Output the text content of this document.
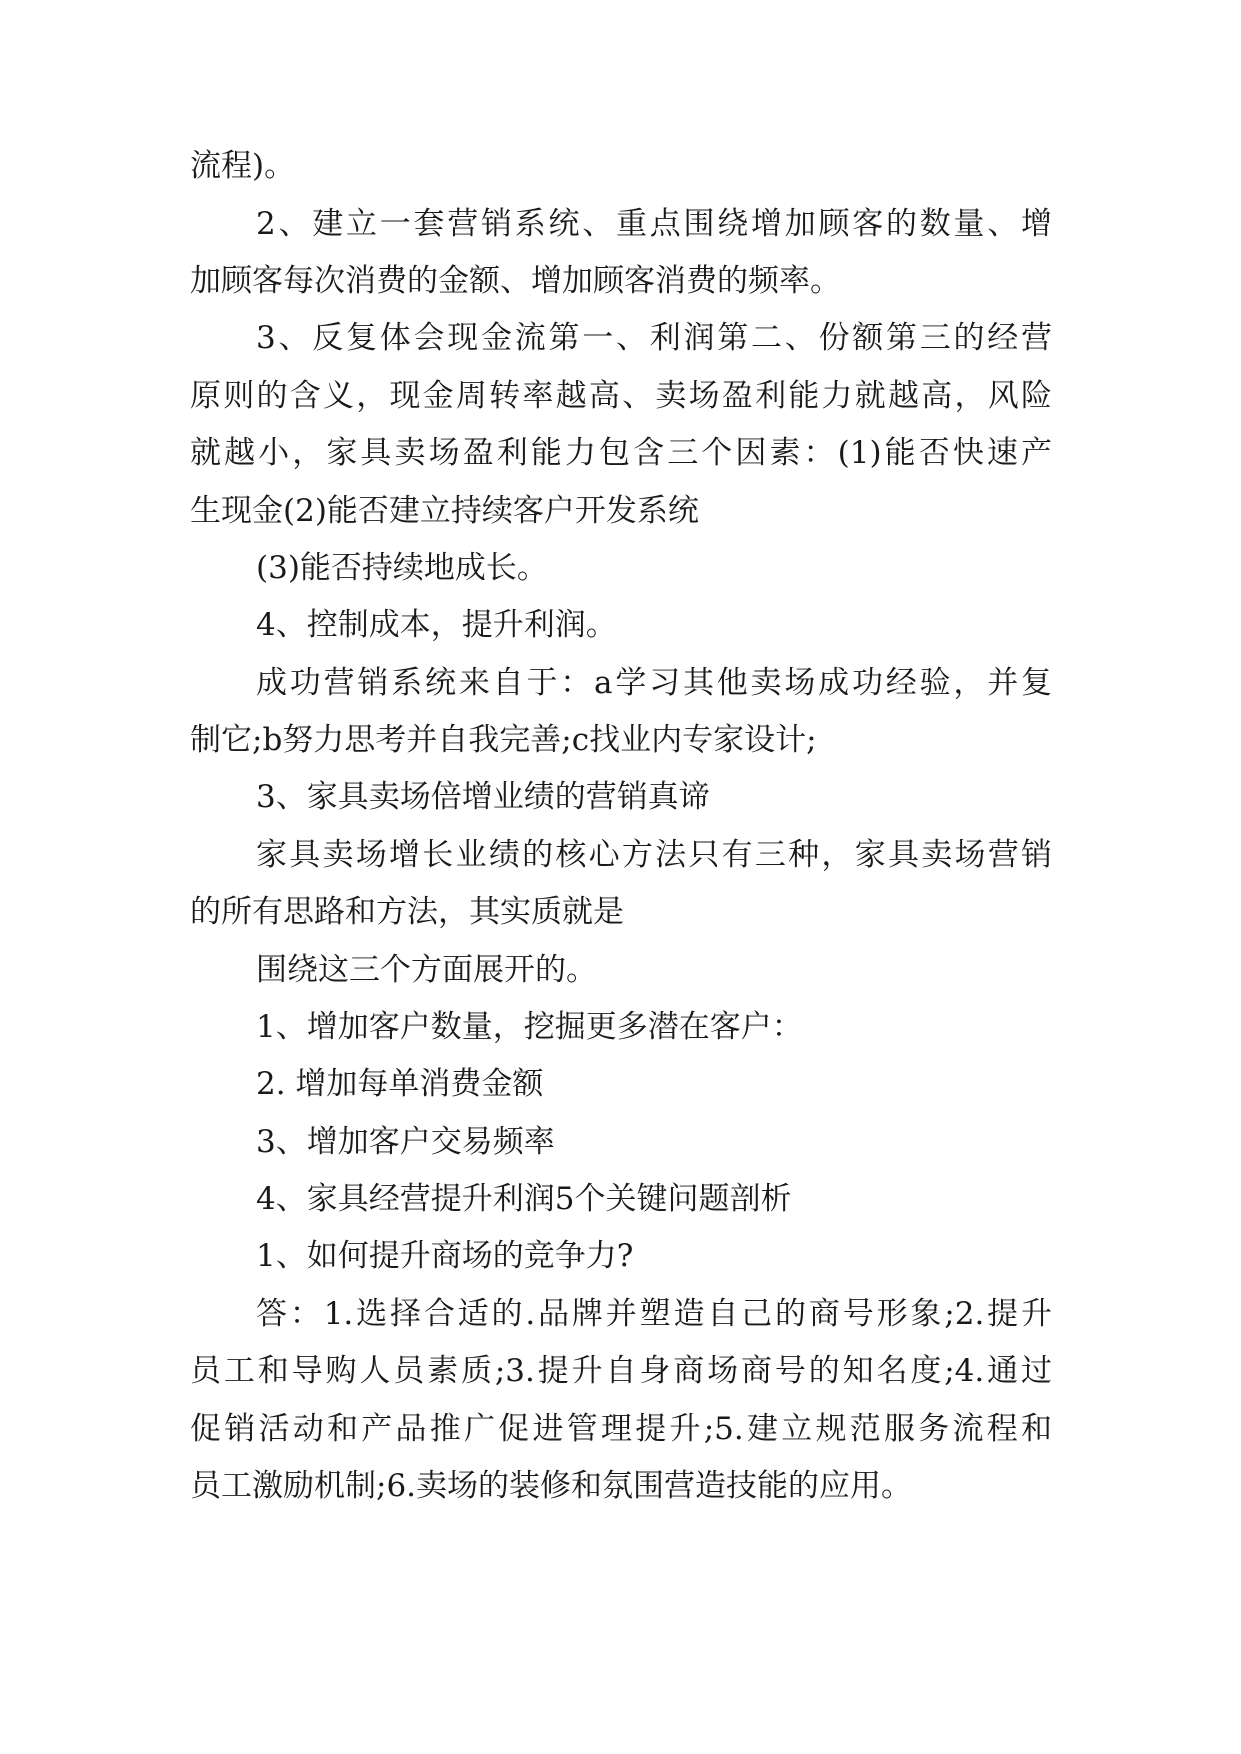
流程)。

2、建立一套营销系统、重点围绕增加顾客的数量、增

加顾客每次消费的金额、增加顾客消费的频率。

3、反复体会现金流第一、利润第二、份额第三的经营

原则的含义，现金周转率越高、卖场盈利能力就越高，风险

就越小，家具卖场盈利能力包含三个因素：(1)能否快速产

生现金(2)能否建立持续客户开发系统

(3)能否持续地成长。

4、控制成本，提升利润。

成功营销系统来自于：a学习其他卖场成功经验，并复

制它;b努力思考并自我完善;c找业内专家设计;

3、家具卖场倍增业绩的营销真谛

家具卖场增长业绩的核心方法只有三种，家具卖场营销

的所有思路和方法，其实质就是

围绕这三个方面展开的。

1、增加客户数量，挖掘更多潜在客户：

2. 增加每单消费金额

3、增加客户交易频率

4、家具经营提升利润5个关键问题剖析

1、如何提升商场的竞争力?

答：1.选择合适的.品牌并塑造自己的商号形象;2.提升

员工和导购人员素质;3.提升自身商场商号的知名度;4.通过

促销活动和产品推广促进管理提升;5.建立规范服务流程和

员工激励机制;6.卖场的装修和氛围营造技能的应用。
